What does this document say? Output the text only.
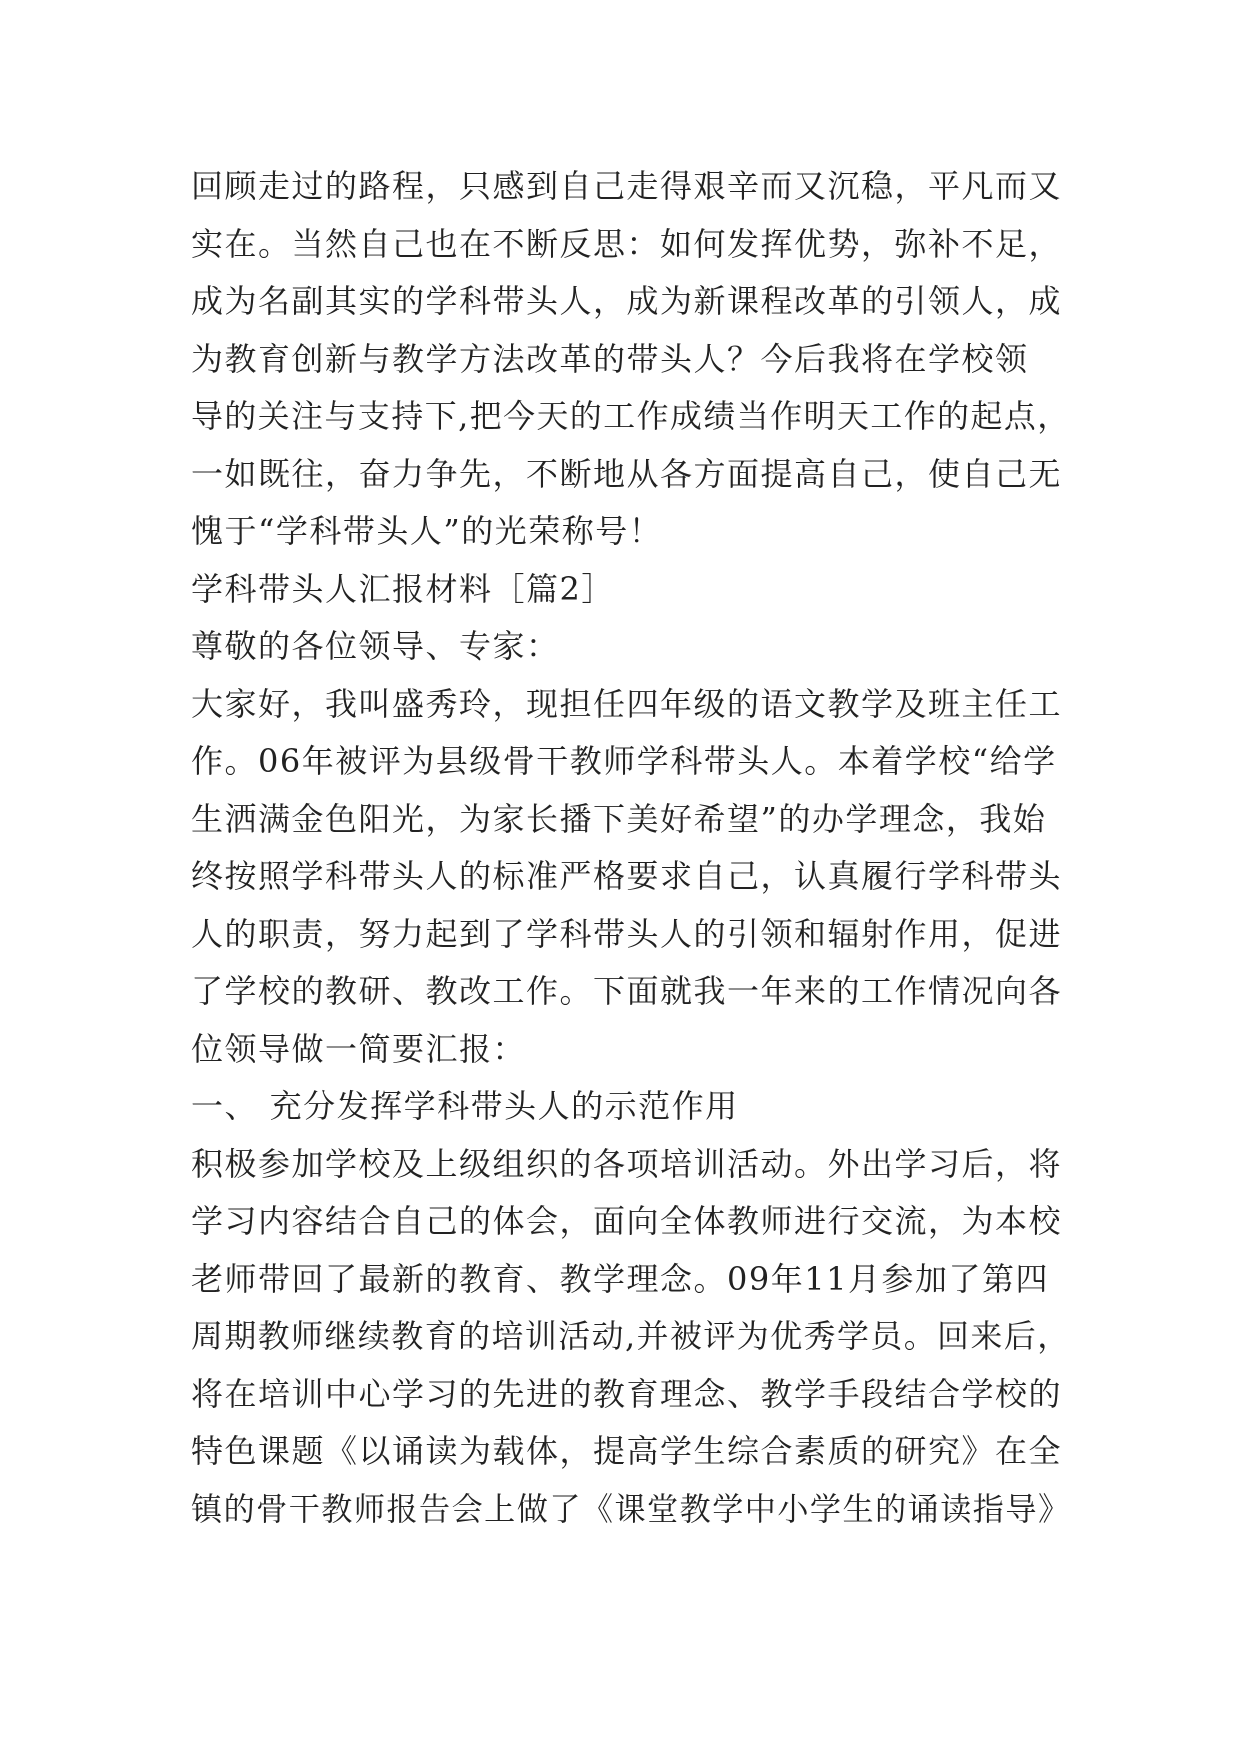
回顾走过的路程，只感到自己走得艰辛而又沉稳，平凡而又
实在。当然自己也在不断反思：如何发挥优势，弥补不足，
成为名副其实的学科带头人，成为新课程改革的引领人，成
为教育创新与教学方法改革的带头人？今后我将在学校领
导的关注与支持下,把今天的工作成绩当作明天工作的起点，
一如既往，奋力争先，不断地从各方面提高自己，使自己无
愧于“学科带头人”的光荣称号！
学科带头人汇报材料［篇2］
尊敬的各位领导、专家：
大家好，我叫盛秀玲，现担任四年级的语文教学及班主任工
作。06年被评为县级骨干教师学科带头人。本着学校“给学
生洒满金色阳光，为家长播下美好希望”的办学理念，我始
终按照学科带头人的标准严格要求自己，认真履行学科带头
人的职责，努力起到了学科带头人的引领和辐射作用，促进
了学校的教研、教改工作。下面就我一年来的工作情况向各
位领导做一简要汇报：
一、 充分发挥学科带头人的示范作用
积极参加学校及上级组织的各项培训活动。外出学习后，将
学习内容结合自己的体会，面向全体教师进行交流，为本校
老师带回了最新的教育、教学理念。09年11月参加了第四
周期教师继续教育的培训活动,并被评为优秀学员。回来后，
将在培训中心学习的先进的教育理念、教学手段结合学校的
特色课题《以诵读为载体，提高学生综合素质的研究》在全
镇的骨干教师报告会上做了《课堂教学中小学生的诵读指导》
